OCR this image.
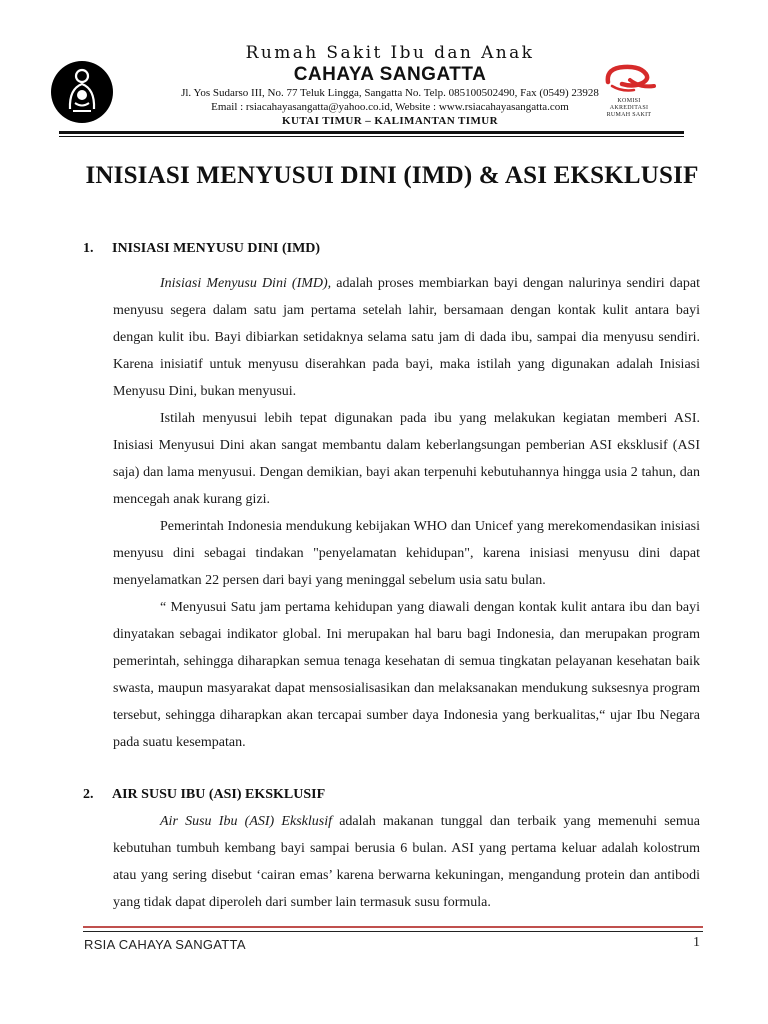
Rumah Sakit Ibu dan Anak
CAHAYA SANGATTA
Jl. Yos Sudarso III, No. 77 Teluk Lingga, Sangatta No. Telp. 085100502490, Fax (0549) 23928
Email : rsiacahayasangatta@yahoo.co.id, Website : www.rsiacahayasangatta.com
KUTAI TIMUR – KALIMANTAN TIMUR
KOMISI
AKREDITASI
RUMAH SAKIT
INISIASI MENYUSUI DINI (IMD) & ASI EKSKLUSIF
1. INISIASI MENYUSU DINI (IMD)

Inisiasi Menyusu Dini (IMD), adalah proses membiarkan bayi dengan nalurinya sendiri dapat menyusu segera dalam satu jam pertama setelah lahir, bersamaan dengan kontak kulit antara bayi dengan kulit ibu. Bayi dibiarkan setidaknya selama satu jam di dada ibu, sampai dia menyusu sendiri. Karena inisiatif untuk menyusu diserahkan pada bayi, maka istilah yang digunakan adalah Inisiasi Menyusu Dini, bukan menyusui.

Istilah menyusui lebih tepat digunakan pada ibu yang melakukan kegiatan memberi ASI. Inisiasi Menyusui Dini akan sangat membantu dalam keberlangsungan pemberian ASI eksklusif (ASI saja) dan lama menyusui. Dengan demikian, bayi akan terpenuhi kebutuhannya hingga usia 2 tahun, dan mencegah anak kurang gizi.

Pemerintah Indonesia mendukung kebijakan WHO dan Unicef yang merekomendasikan inisiasi menyusu dini sebagai tindakan "penyelamatan kehidupan", karena inisiasi menyusu dini dapat menyelamatkan 22 persen dari bayi yang meninggal sebelum usia satu bulan.

“ Menyusui Satu jam pertama kehidupan yang diawali dengan kontak kulit antara ibu dan bayi dinyatakan sebagai indikator global. Ini merupakan hal baru bagi Indonesia, dan merupakan program pemerintah, sehingga diharapkan semua tenaga kesehatan di semua tingkatan pelayanan kesehatan baik swasta, maupun masyarakat dapat mensosialisasikan dan melaksanakan mendukung suksesnya program tersebut, sehingga diharapkan akan tercapai sumber daya Indonesia yang berkualitas,“ ujar Ibu Negara pada suatu kesempatan.

2. AIR SUSU IBU (ASI) EKSKLUSIF

Air Susu Ibu (ASI) Eksklusif adalah makanan tunggal dan terbaik yang memenuhi semua kebutuhan tumbuh kembang bayi sampai berusia 6 bulan. ASI yang pertama keluar adalah kolostrum atau yang sering disebut ‘cairan emas’ karena berwarna kekuningan, mengandung protein dan antibodi yang tidak dapat diperoleh dari sumber lain termasuk susu formula.

RSIA CAHAYA SANGATTA	1
